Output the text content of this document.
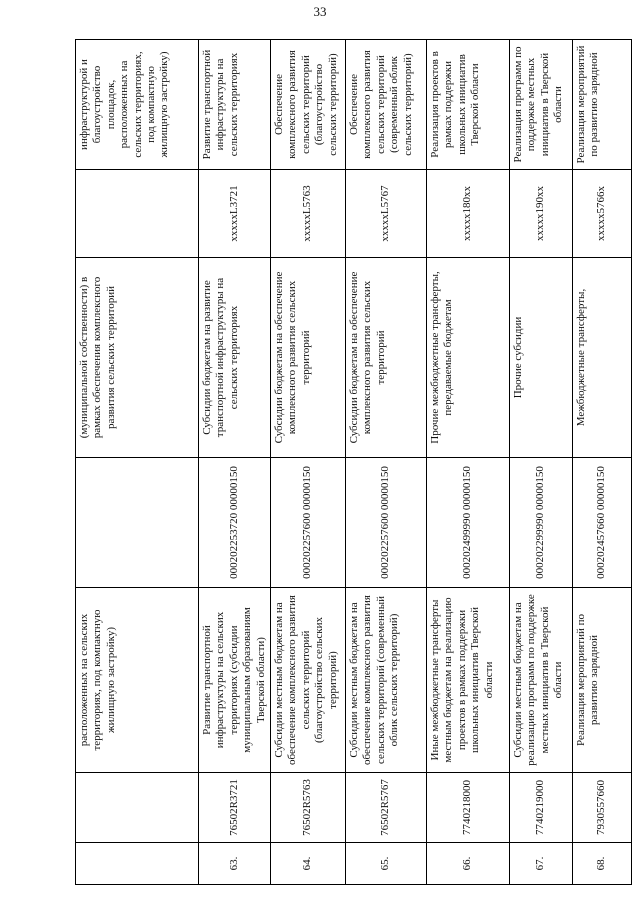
33
		расположенных на сельских территориях, под компактную жилищную застройку)		(муниципальной собственности) в рамках обеспечения комплексного развития сельских территорий		инфраструктурой и благоустройство площадок, расположенных на сельских территориях, под компактную жилищную застройку)
63.	76502R3721	Развитие транспортной инфраструктуры на сельских территориях (субсидии муниципальным образованиям Тверской области)	000202253720 00000150	Субсидии бюджетам на развитие транспортной инфраструктуры на сельских территориях	xxxxxL3721	Развитие транспортной инфраструктуры на сельских территориях
64.	76502R5763	Субсидии местным бюджетам на обеспечение комплексного развития сельских территорий (благоустройство сельских территорий)	000202257600 00000150	Субсидии бюджетам на обеспечение комплексного развития сельских территорий	xxxxxL5763	Обеспечение комплексного развития сельских территорий (благоустройство сельских территорий)
65.	76502R5767	Субсидии местным бюджетам на обеспечение комплексного развития сельских территорий (современный облик сельских территорий)	000202257600 00000150	Субсидии бюджетам на обеспечение комплексного развития сельских территорий	xxxxxL5767	Обеспечение комплексного развития сельских территорий (современный облик сельских территорий)
66.	7740218000	Иные межбюджетные трансферты местным бюджетам на реализацию проектов в рамках поддержки школьных инициатив Тверской области	000202499990 00000150	Прочие межбюджетные трансферты, передаваемые бюджетам	xxxxx180xx	Реализация проектов в рамках поддержки школьных инициатив Тверской области
67.	7740219000	Субсидии местным бюджетам на реализацию программ по поддержке местных инициатив в Тверской области	000202299990 00000150	Прочие субсидии	xxxxx190xx	Реализация программ по поддержке местных инициатив в Тверской области
68.	7930557660	Реализация мероприятий по развитию зарядной	000202457660 00000150	Межбюджетные трансферты,	xxxxx5766x	Реализация мероприятий по развитию зарядной
